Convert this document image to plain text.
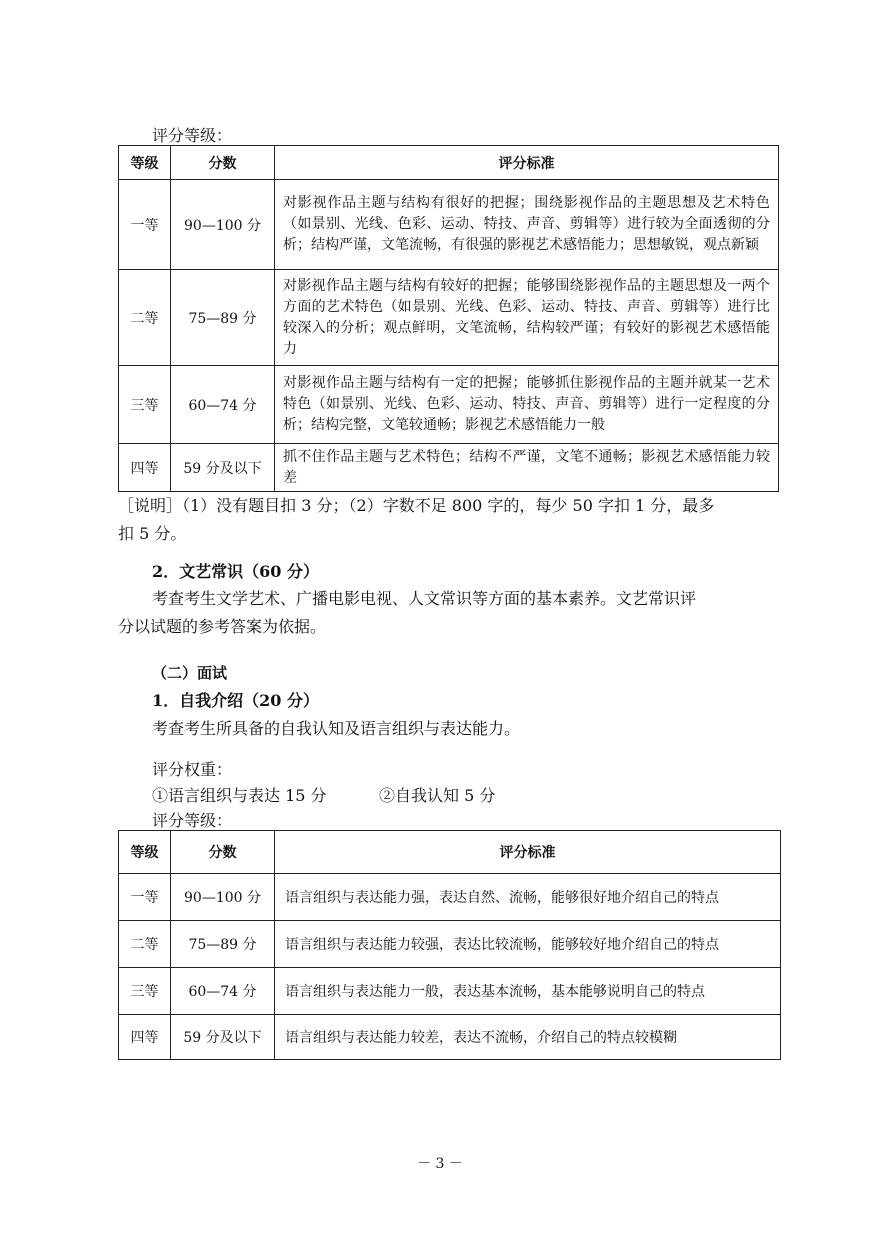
评分等级：
等级	分数	评分标准
一等	90—100 分	对影视作品主题与结构有很好的把握；围绕影视作品的主题思想及艺术特色（如景别、光线、色彩、运动、特技、声音、剪辑等）进行较为全面透彻的分析；结构严谨，文笔流畅，有很强的影视艺术感悟能力；思想敏锐，观点新颖
二等	75—89 分	对影视作品主题与结构有较好的把握；能够围绕影视作品的主题思想及一两个方面的艺术特色（如景别、光线、色彩、运动、特技、声音、剪辑等）进行比较深入的分析；观点鲜明，文笔流畅，结构较严谨；有较好的影视艺术感悟能力
三等	60—74 分	对影视作品主题与结构有一定的把握；能够抓住影视作品的主题并就某一艺术特色（如景别、光线、色彩、运动、特技、声音、剪辑等）进行一定程度的分析；结构完整，文笔较通畅；影视艺术感悟能力一般
四等	59 分及以下	抓不住作品主题与艺术特色；结构不严谨，文笔不通畅；影视艺术感悟能力较差
［说明］（1）没有题目扣 3 分；（2）字数不足 800 字的，每少 50 字扣 1 分，最多
扣 5 分。
2．文艺常识（60 分）
考查考生文学艺术、广播电影电视、人文常识等方面的基本素养。文艺常识评
分以试题的参考答案为依据。
（二）面试
1．自我介绍（20 分）
考查考生所具备的自我认知及语言组织与表达能力。
评分权重：
①语言组织与表达 15 分	②自我认知 5 分
评分等级：
等级	分数	评分标准
一等	90—100 分	语言组织与表达能力强，表达自然、流畅，能够很好地介绍自己的特点
二等	75—89 分	语言组织与表达能力较强，表达比较流畅，能够较好地介绍自己的特点
三等	60—74 分	语言组织与表达能力一般，表达基本流畅，基本能够说明自己的特点
四等	59 分及以下	语言组织与表达能力较差，表达不流畅，介绍自己的特点较模糊
－ 3 －
